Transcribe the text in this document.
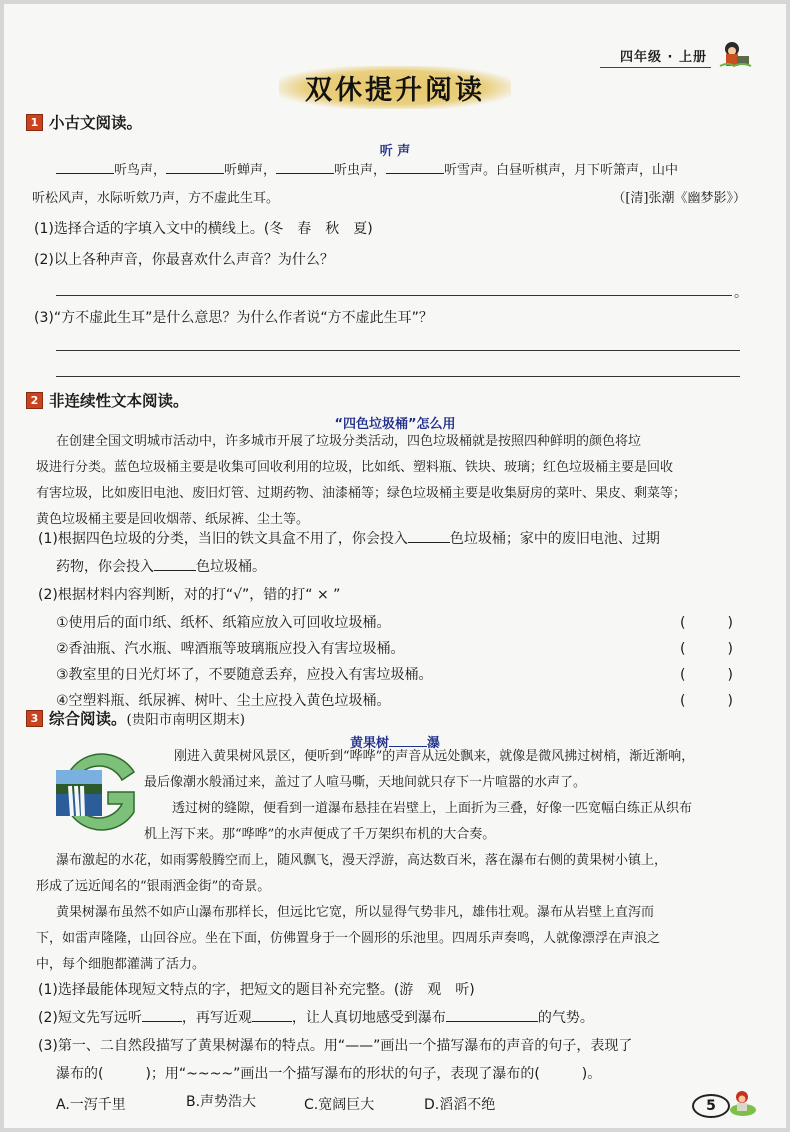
四年级 · 上册
双休提升阅读
1 小古文阅读。
听 声
听鸟声，	听蝉声，	听虫声，	听雪声。白昼听棋声，月下听箫声，山中
听松风声，水际听欸乃声，方不虚此生耳。	（[清]张潮《幽梦影》）
(1)选择合适的字填入文中的横线上。(冬　春　秋　夏)
(2)以上各种声音，你最喜欢什么声音？为什么？
。
(3)“方不虚此生耳”是什么意思？为什么作者说“方不虚此生耳”？
2 非连续性文本阅读。
“四色垃圾桶”怎么用
在创建全国文明城市活动中，许多城市开展了垃圾分类活动，四色垃圾桶就是按照四种鲜明的颜色将垃
圾进行分类。蓝色垃圾桶主要是收集可回收利用的垃圾，比如纸、塑料瓶、铁块、玻璃；红色垃圾桶主要是回收
有害垃圾，比如废旧电池、废旧灯管、过期药物、油漆桶等；绿色垃圾桶主要是收集厨房的菜叶、果皮、剩菜等；
黄色垃圾桶主要是回收烟蒂、纸尿裤、尘土等。
(1)根据四色垃圾的分类，当旧的铁文具盒不用了，你会投入	色垃圾桶；家中的废旧电池、过期
药物，你会投入	色垃圾桶。
(2)根据材料内容判断，对的打“√”，错的打“ × ”
①使用后的面巾纸、纸杯、纸箱应放入可回收垃圾桶。	(　　　)
②香油瓶、汽水瓶、啤酒瓶等玻璃瓶应投入有害垃圾桶。	(　　　)
③教室里的日光灯坏了，不要随意丢弃，应投入有害垃圾桶。	(　　　)
④空塑料瓶、纸尿裤、树叶、尘土应投入黄色垃圾桶。	(　　　)
3 综合阅读。 (贵阳市南明区期末)
黄果树	瀑
刚进入黄果树风景区，便听到“哗哗”的声音从远处飘来，就像是微风拂过树梢，渐近渐响，
最后像潮水般涌过来，盖过了人喧马嘶，天地间就只存下一片喧嚣的水声了。
透过树的缝隙，便看到一道瀑布悬挂在岩壁上，上面折为三叠，好像一匹宽幅白练正从织布
机上泻下来。那“哗哗”的水声便成了千万架织布机的大合奏。
瀑布激起的水花，如雨雾般腾空而上，随风飘飞，漫天浮游，高达数百米，落在瀑布右侧的黄果树小镇上，
形成了远近闻名的“银雨洒金街”的奇景。
黄果树瀑布虽然不如庐山瀑布那样长，但远比它宽，所以显得气势非凡，雄伟壮观。瀑布从岩壁上直泻而
下，如雷声隆隆，山回谷应。坐在下面，仿佛置身于一个圆形的乐池里。四周乐声奏鸣，人就像漂浮在声浪之
中，每个细胞都灌满了活力。
(1)选择最能体现短文特点的字，把短文的题目补充完整。(游　观　听)
(2)短文先写远听	，再写近观	，让人真切地感受到瀑布	的气势。
(3)第一、二自然段描写了黄果树瀑布的特点。用“——”画出一个描写瀑布的声音的句子，表现了
瀑布的(　　　)；用“~~~~”画出一个描写瀑布的形状的句子，表现了瀑布的(　　　)。
A.一泻千里	B.声势浩大	C.宽阔巨大	D.滔滔不绝	5
